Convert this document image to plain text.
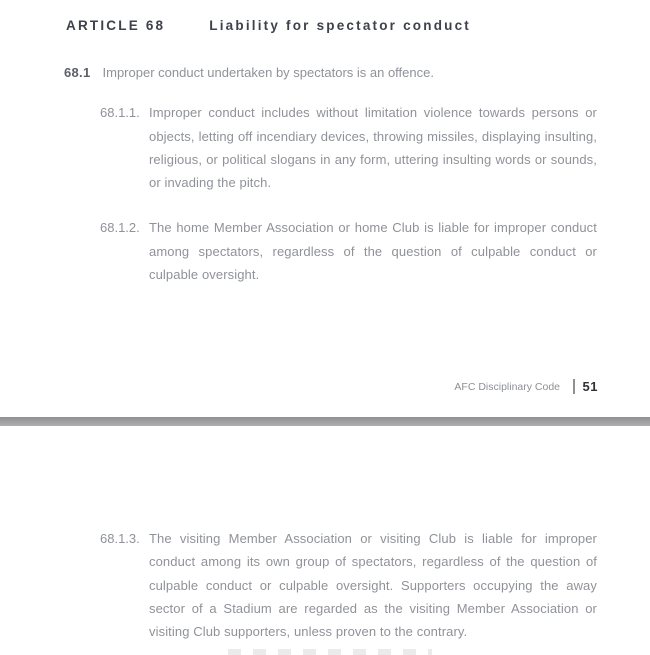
ARTICLE 68	Liability for spectator conduct
68.1 Improper conduct undertaken by spectators is an offence.
68.1.1. Improper conduct includes without limitation violence towards persons or objects, letting off incendiary devices, throwing missiles, displaying insulting, religious, or political slogans in any form, uttering insulting words or sounds, or invading the pitch.

68.1.2. The home Member Association or home Club is liable for improper conduct among spectators, regardless of the question of culpable conduct or culpable oversight.

AFC Disciplinary Code 51
68.1.3. The visiting Member Association or visiting Club is liable for improper conduct among its own group of spectators, regardless of the question of culpable conduct or culpable oversight. Supporters occupying the away sector of a Stadium are regarded as the visiting Member Association or visiting Club supporters, unless proven to the contrary.
